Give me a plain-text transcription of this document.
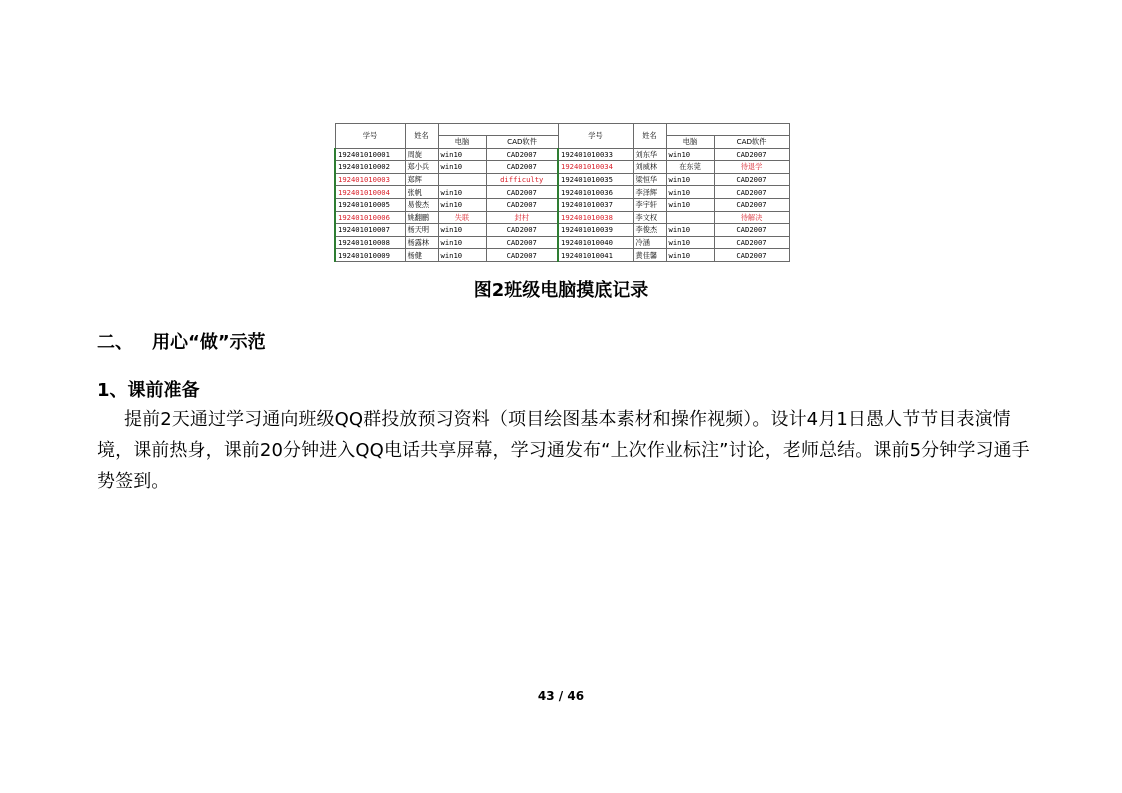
学号	姓名			学号	姓名		
		电脑	CAD软件			电脑	CAD软件
192401010001	周旋	win10	CAD2007	192401010033	刘东华	win10	CAD2007
192401010002	郑小兵	win10	CAD2007	192401010034	刘威林	在东莞	待退学
192401010003	郑辉		difficulty	192401010035	梁恒华	win10	CAD2007
192401010004	张帆	win10	CAD2007	192401010036	李泽辉	win10	CAD2007
192401010005	易俊杰	win10	CAD2007	192401010037	李宇轩	win10	CAD2007
192401010006	姚翻鹏	失联	封村	192401010038	李文权		待解决
192401010007	杨天明	win10	CAD2007	192401010039	李俊杰	win10	CAD2007
192401010008	杨露林	win10	CAD2007	192401010040	冷涵	win10	CAD2007
192401010009	杨健	win10	CAD2007	192401010041	黄佳馨	win10	CAD2007
图2班级电脑摸底记录
二、 用心“做”示范
1、课前准备
提前2天通过学习通向班级QQ群投放预习资料（项目绘图基本素材和操作视频）。设计4月1日愚人节节目表演情境，课前热身，课前20分钟进入QQ电话共享屏幕，学习通发布“上次作业标注”讨论，老师总结。课前5分钟学习通手势签到。
43 / 46
